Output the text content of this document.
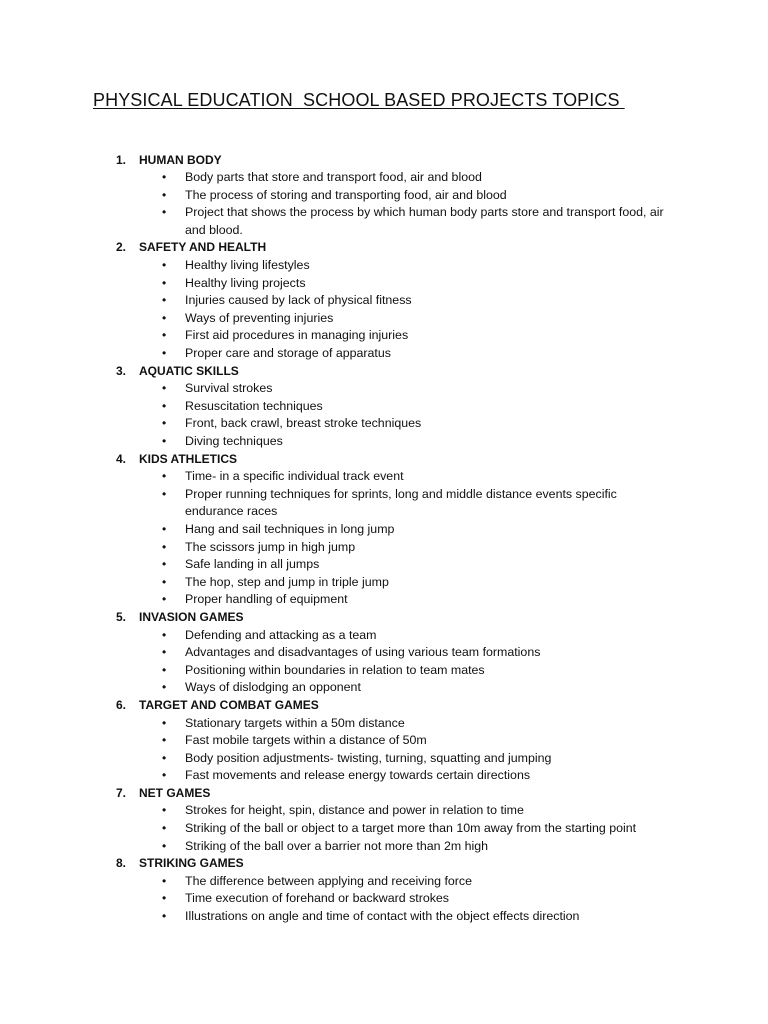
PHYSICAL EDUCATION  SCHOOL BASED PROJECTS TOPICS
1. HUMAN BODY
• Body parts that store and transport food, air and blood
• The process of storing and transporting food, air and blood
• Project that shows the process by which human body parts store and transport food, air and blood.
2. SAFETY AND HEALTH
• Healthy living lifestyles
• Healthy living projects
• Injuries caused by lack of physical fitness
• Ways of preventing injuries
• First aid procedures in managing injuries
• Proper care and storage of apparatus
3. AQUATIC SKILLS
• Survival strokes
• Resuscitation techniques
• Front, back crawl, breast stroke techniques
• Diving techniques
4. KIDS ATHLETICS
• Time- in a specific individual track event
• Proper running techniques for sprints, long and middle distance events specific endurance races
• Hang and sail techniques in long jump
• The scissors jump in high jump
• Safe landing in all jumps
• The hop, step and jump in triple jump
• Proper handling of equipment
5. INVASION GAMES
• Defending and attacking as a team
• Advantages and disadvantages of using various team formations
• Positioning within boundaries in relation to team mates
• Ways of dislodging an opponent
6. TARGET AND COMBAT GAMES
• Stationary targets within a 50m distance
• Fast mobile targets within a distance of 50m
• Body position adjustments- twisting, turning, squatting and jumping
• Fast movements and release energy towards certain directions
7. NET GAMES
• Strokes for height, spin, distance and power in relation to time
• Striking of the ball or object to a target more than 10m away from the starting point
• Striking of the ball over a barrier not more than 2m high
8. STRIKING GAMES
• The difference between applying and receiving force
• Time execution of forehand or backward strokes
• Illustrations on angle and time of contact with the object effects direction
